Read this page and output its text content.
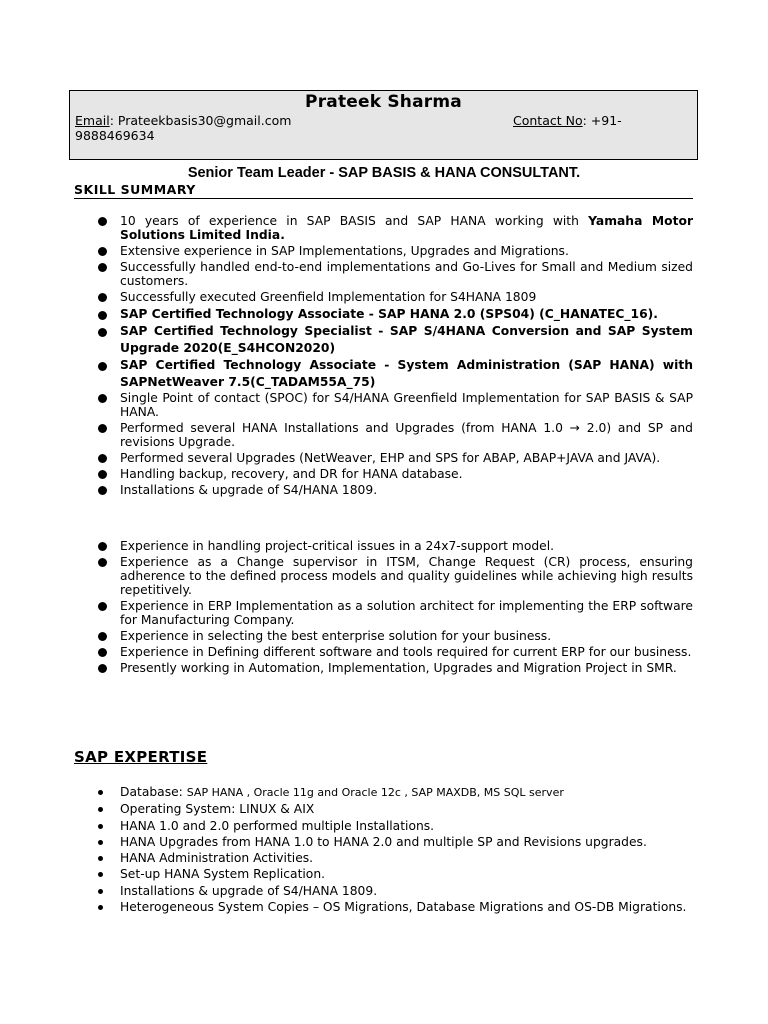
Prateek Sharma
Email: Prateekbasis30@gmail.com	Contact No: +91-
9888469634
Senior Team Leader - SAP BASIS & HANA CONSULTANT.
SKILL SUMMARY
10 years of experience in SAP BASIS and SAP HANA working with Yamaha Motor Solutions Limited India.
Extensive experience in SAP Implementations, Upgrades and Migrations.
Successfully handled end-to-end implementations and Go-Lives for Small and Medium sized customers.
Successfully executed Greenfield Implementation for S4HANA 1809
SAP Certified Technology Associate - SAP HANA 2.0 (SPS04) (C_HANATEC_16).
SAP Certified Technology Specialist - SAP S/4HANA Conversion and SAP System Upgrade 2020(E_S4HCON2020)
SAP Certified Technology Associate - System Administration (SAP HANA) with SAPNetWeaver 7.5(C_TADAM55A_75)
Single Point of contact (SPOC) for S4/HANA Greenfield Implementation for SAP BASIS & SAP HANA.
Performed several HANA Installations and Upgrades (from HANA 1.0 → 2.0) and SP and revisions Upgrade.
Performed several Upgrades (NetWeaver, EHP and SPS for ABAP, ABAP+JAVA and JAVA).
Handling backup, recovery, and DR for HANA database.
Installations & upgrade of S4/HANA 1809.
Experience in handling project-critical issues in a 24x7-support model.
Experience as a Change supervisor in ITSM, Change Request (CR) process, ensuring adherence to the defined process models and quality guidelines while achieving high results repetitively.
Experience in ERP Implementation as a solution architect for implementing the ERP software for Manufacturing Company.
Experience in selecting the best enterprise solution for your business.
Experience in Defining different software and tools required for current ERP for our business.
Presently working in Automation, Implementation, Upgrades and Migration Project in SMR.
SAP EXPERTISE
Database: SAP HANA , Oracle 11g and Oracle 12c , SAP MAXDB, MS SQL server
Operating System: LINUX & AIX
HANA 1.0 and 2.0 performed multiple Installations.
HANA Upgrades from HANA 1.0 to HANA 2.0 and multiple SP and Revisions upgrades.
HANA Administration Activities.
Set-up HANA System Replication.
Installations & upgrade of S4/HANA 1809.
Heterogeneous System Copies – OS Migrations, Database Migrations and OS-DB Migrations.
